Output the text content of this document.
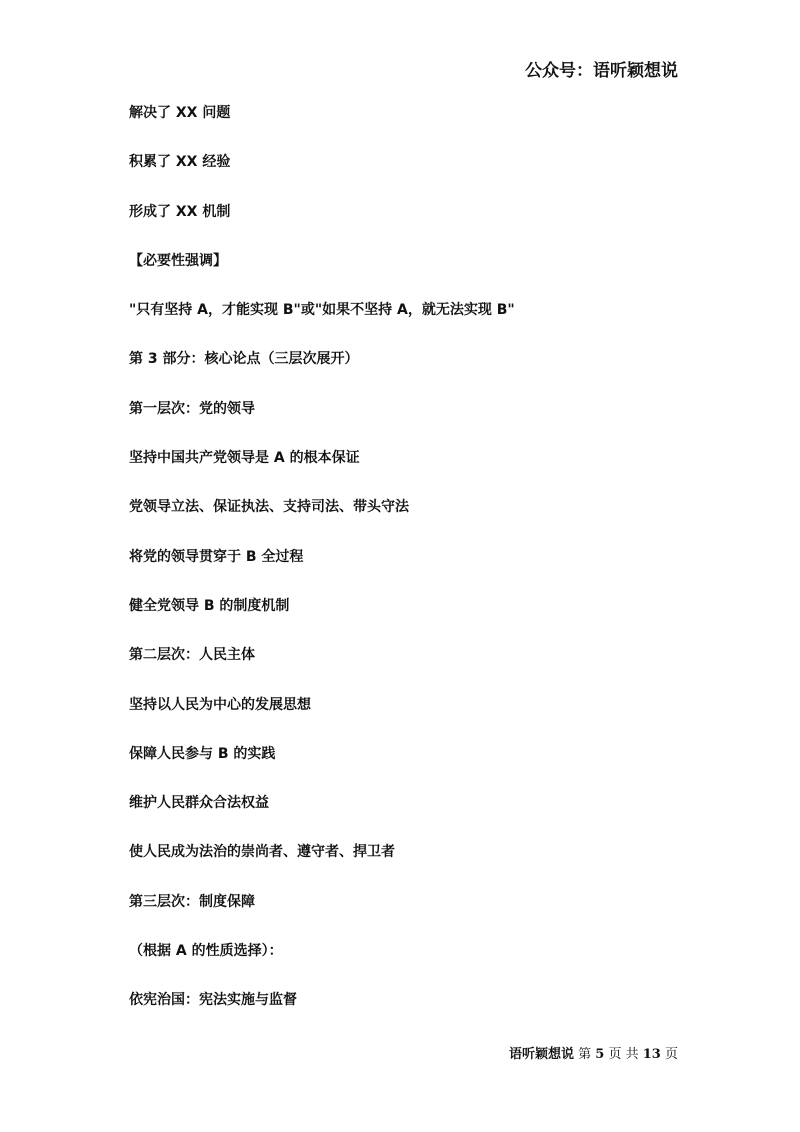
公众号：语听颖想说
解决了 XX 问题
积累了 XX 经验
形成了 XX 机制
【必要性强调】
"只有坚持 A，才能实现 B"或"如果不坚持 A，就无法实现 B"
第 3 部分：核心论点（三层次展开）
第一层次：党的领导
坚持中国共产党领导是 A 的根本保证
党领导立法、保证执法、支持司法、带头守法
将党的领导贯穿于 B 全过程
健全党领导 B 的制度机制
第二层次：人民主体
坚持以人民为中心的发展思想
保障人民参与 B 的实践
维护人民群众合法权益
使人民成为法治的崇尚者、遵守者、捍卫者
第三层次：制度保障
（根据 A 的性质选择）：
依宪治国：宪法实施与监督
语听颖想说 第 5 页 共 13 页
